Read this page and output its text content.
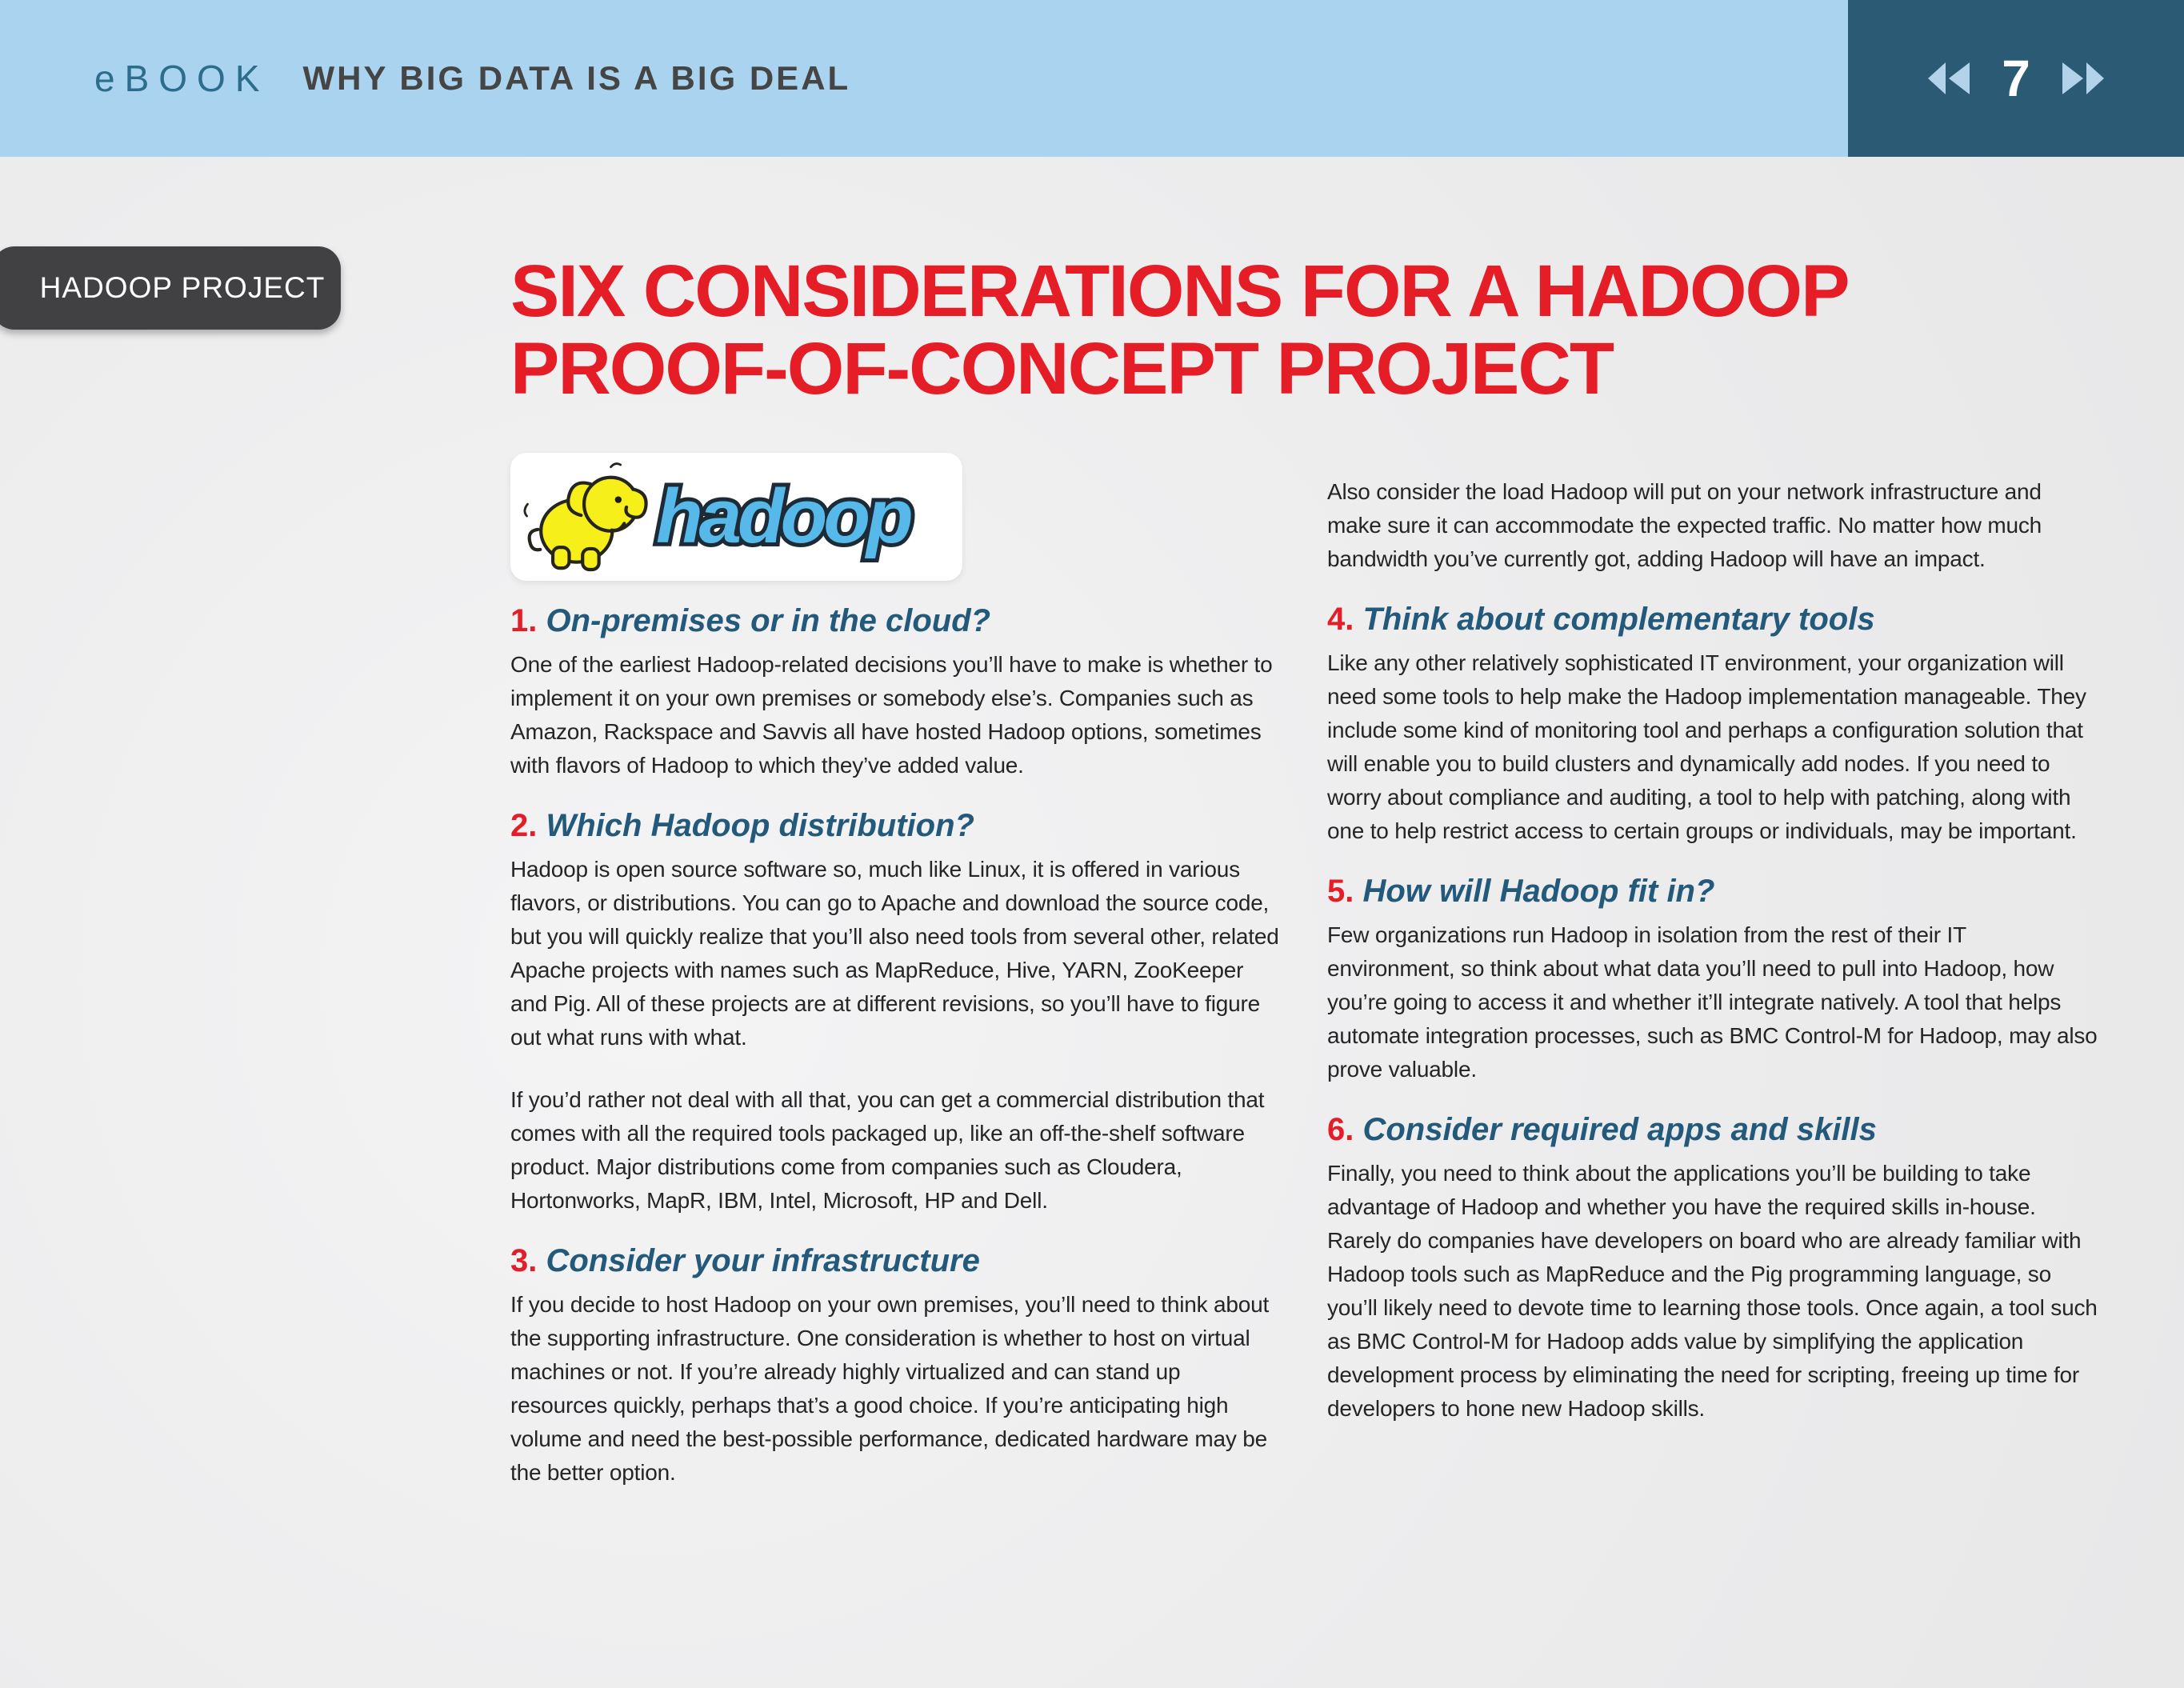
eBOOK WHY BIG DATA IS A BIG DEAL	7
HADOOP PROJECT	SIX CONSIDERATIONS FOR A HADOOP
PROOF-OF-CONCEPT PROJECT
hadoop
1. On-premises or in the cloud?

One of the earliest Hadoop-related decisions you’ll have to make is whether to implement it on your own premises or somebody else’s. Companies such as Amazon, Rackspace and Savvis all have hosted Hadoop options, sometimes with flavors of Hadoop to which they’ve added value.

2. Which Hadoop distribution?

Hadoop is open source software so, much like Linux, it is offered in various flavors, or distributions. You can go to Apache and download the source code, but you will quickly realize that you’ll also need tools from several other, related Apache projects with names such as MapReduce, Hive, YARN, ZooKeeper and Pig. All of these projects are at different revisions, so you’ll have to figure out what runs with what.

If you’d rather not deal with all that, you can get a commercial distribution that comes with all the required tools packaged up, like an off-the-shelf software product. Major distributions come from companies such as Cloudera, Hortonworks, MapR, IBM, Intel, Microsoft, HP and Dell.

3. Consider your infrastructure

If you decide to host Hadoop on your own premises, you’ll need to think about the supporting infrastructure. One consideration is whether to host on virtual machines or not. If you’re already highly virtualized and can stand up resources quickly, perhaps that’s a good choice. If you’re anticipating high volume and need the best-possible performance, dedicated hardware may be the better option.

Also consider the load Hadoop will put on your network infrastructure and make sure it can accommodate the expected traffic. No matter how much bandwidth you’ve currently got, adding Hadoop will have an impact.

4. Think about complementary tools

Like any other relatively sophisticated IT environment, your organization will need some tools to help make the Hadoop implementation manageable. They include some kind of monitoring tool and perhaps a configuration solution that will enable you to build clusters and dynamically add nodes. If you need to worry about compliance and auditing, a tool to help with patching, along with one to help restrict access to certain groups or individuals, may be important.

5. How will Hadoop fit in?

Few organizations run Hadoop in isolation from the rest of their IT environment, so think about what data you’ll need to pull into Hadoop, how you’re going to access it and whether it’ll integrate natively. A tool that helps automate integration processes, such as BMC Control-M for Hadoop, may also prove valuable.

6. Consider required apps and skills

Finally, you need to think about the applications you’ll be building to take advantage of Hadoop and whether you have the required skills in-house. Rarely do companies have developers on board who are already familiar with Hadoop tools such as MapReduce and the Pig programming language, so you’ll likely need to devote time to learning those tools. Once again, a tool such as BMC Control-M for Hadoop adds value by simplifying the application development process by eliminating the need for scripting, freeing up time for developers to hone new Hadoop skills.
